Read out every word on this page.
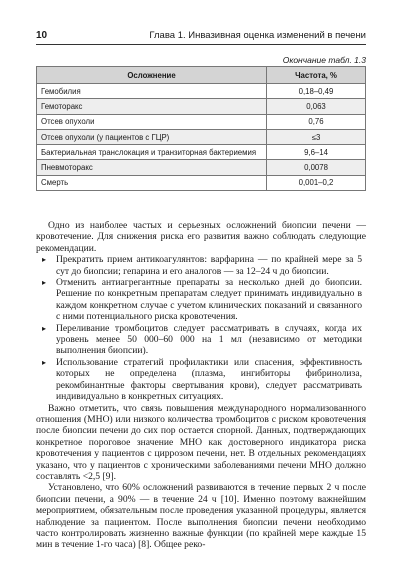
10	Глава 1. Инвазивная оценка изменений в печени
Окончание табл. 1.3
Осложнение	Частота, %
Гемобилия	0,18–0,49
Гемоторакс	0,063
Отсев опухоли	0,76
Отсев опухоли (у пациентов с ГЦР)	≤3
Бактериальная транслокация и транзиторная бактериемия	9,6–14
Пневмоторакс	0,0078
Смерть	0,001–0,2

Одно из наиболее частых и серьезных осложнений биопсии печени — кровотечение. Для снижения риска его развития важно соблюдать следующие рекомендации.

▸ Прекратить прием антикоагулянтов: варфарина — по крайней мере за 5 сут до биопсии; гепарина и его аналогов — за 12–24 ч до биопсии.
▸ Отменить антиагрегантные препараты за несколько дней до биопсии. Решение по конкретным препаратам следует принимать индивидуально в каждом конкретном случае с учетом клинических показаний и связанного с ними потенциального риска кровотечения.
▸ Переливание тромбоцитов следует рассматривать в случаях, когда их уровень менее 50 000–60 000 на 1 мл (независимо от методики выполнения биопсии).
▸ Использование стратегий профилактики или спасения, эффективность которых не определена (плазма, ингибиторы фибринолиза, рекомбинантные факторы свертывания крови), следует рассматривать индивидуально в конкретных ситуациях.

Важно отметить, что связь повышения международного нормализованного отношения (МНО) или низкого количества тромбоцитов с риском кровотечения после биопсии печени до сих пор остается спорной. Данных, подтверждающих конкретное пороговое значение МНО как достоверного индикатора риска кровотечения у пациентов с циррозом печени, нет. В отдельных рекомендациях указано, что у пациентов с хроническими заболеваниями печени МНО должно составлять <2,5 [9].

Установлено, что 60% осложнений развиваются в течение первых 2 ч после биопсии печени, а 90% — в течение 24 ч [10]. Именно поэтому важнейшим мероприятием, обязательным после проведения указанной процедуры, является наблюдение за пациентом. После выполнения биопсии печени необходимо часто контролировать жизненно важные функции (по крайней мере каждые 15 мин в течение 1-го часа) [8]. Общее реко-
